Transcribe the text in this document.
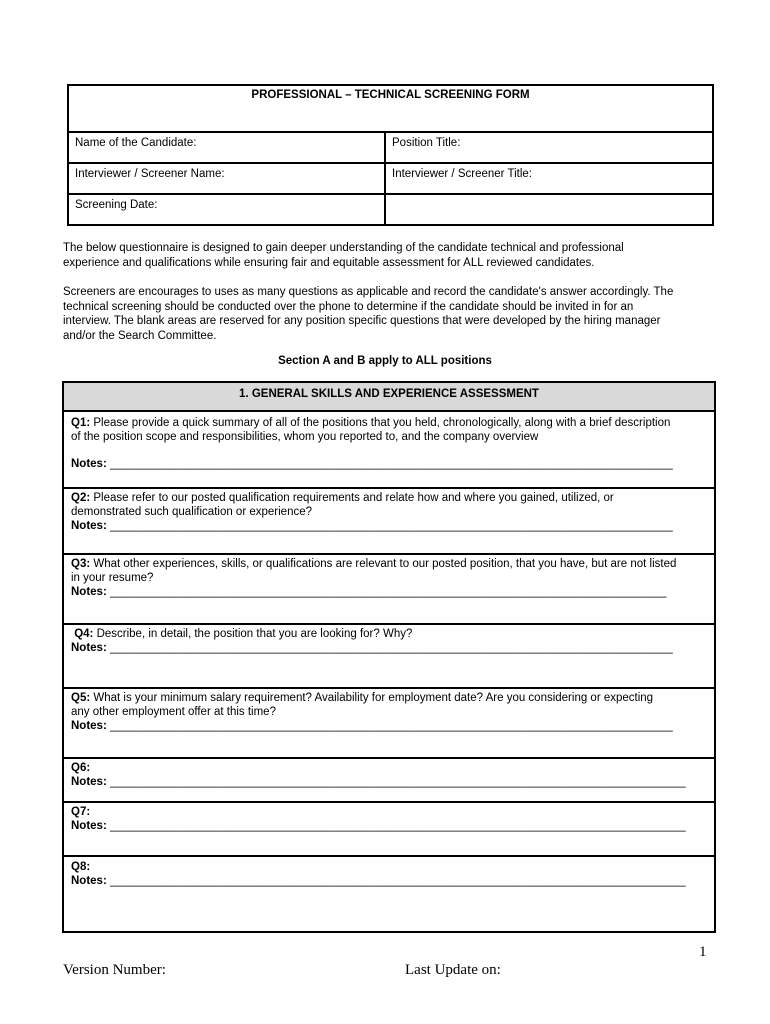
PROFESSIONAL – TECHNICAL SCREENING FORM
Name of the Candidate:	Position Title:
Interviewer / Screener Name:	Interviewer / Screener Title:
Screening Date:
The below questionnaire is designed to gain deeper understanding of the candidate technical and professional
experience and qualifications while ensuring fair and equitable assessment for ALL reviewed candidates.
Screeners are encourages to uses as many questions as applicable and record the candidate's answer accordingly. The
technical screening should be conducted over the phone to determine if the candidate should be invited in for an
interview. The blank areas are reserved for any position specific questions that were developed by the hiring manager
and/or the Search Committee.
Section A and B apply to ALL positions
1. GENERAL SKILLS AND EXPERIENCE ASSESSMENT
Q1: Please provide a quick summary of all of the positions that you held, chronologically, along with a brief description
of the position scope and responsibilities, whom you reported to, and the company overview
Notes: ________________________________________________________________________________________
Q2: Please refer to our posted qualification requirements and relate how and where you gained, utilized, or
demonstrated such qualification or experience?
Notes: ________________________________________________________________________________________
Q3: What other experiences, skills, or qualifications are relevant to our posted position, that you have, but are not listed
in your resume?
Notes: _______________________________________________________________________________________
Q4: Describe, in detail, the position that you are looking for? Why?
Notes: ________________________________________________________________________________________
Q5: What is your minimum salary requirement? Availability for employment date? Are you considering or expecting
any other employment offer at this time?
Notes: ________________________________________________________________________________________
Q6:
Notes: __________________________________________________________________________________________
Q7:
Notes: __________________________________________________________________________________________
Q8:
Notes: __________________________________________________________________________________________
1
Version Number:	Last Update on:
